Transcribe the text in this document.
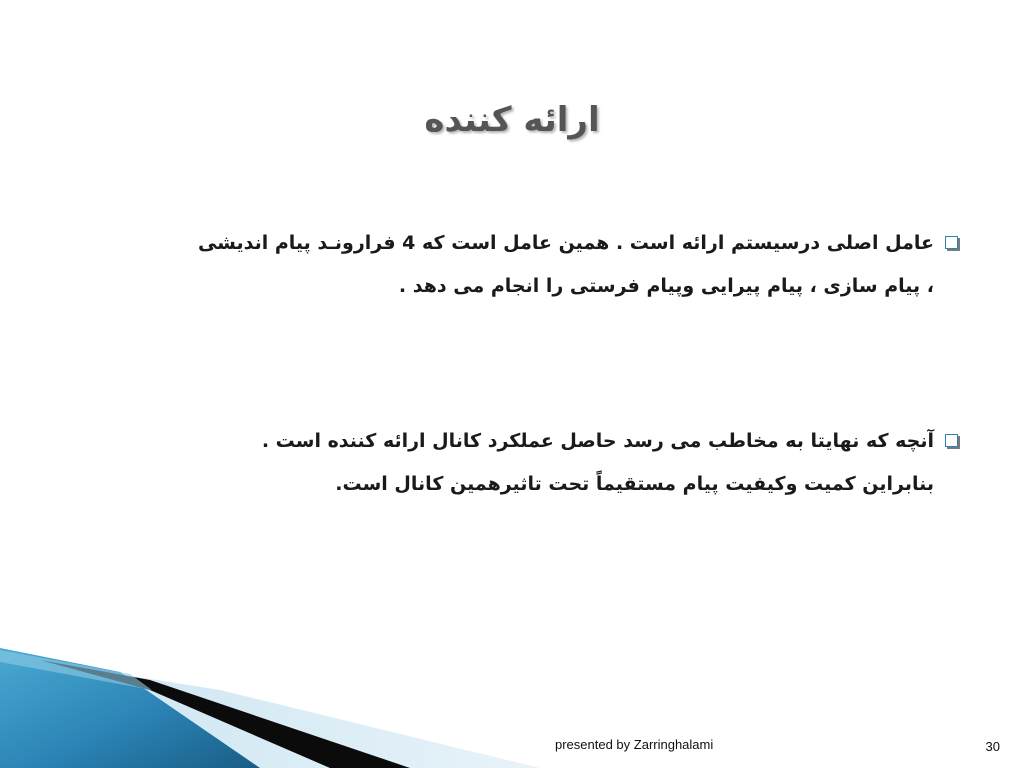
ارائه کننده
عامل اصلی درسیستم ارائه است . همین عامل است که 4 فرارونـد پیام اندیشی
، پیام سازی ، پیام پیرایی وپیام فرستی را انجام می دهد .
آنچه که نهایتا به مخاطب می رسد حاصل عملکرد کانال ارائه کننده است .
بنابراین کمیت وکیفیت پیام مستقیماً تحت تاثیرهمین کانال است.
presented by Zarringhalami	30
